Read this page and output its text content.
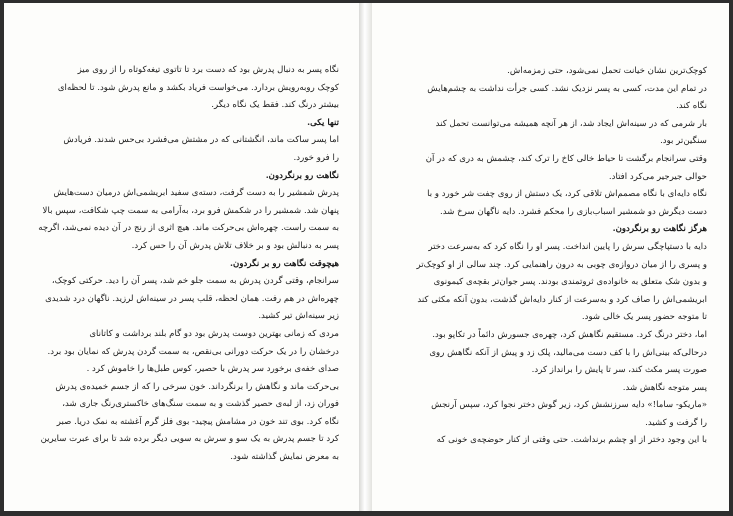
نگاه پسر به دنبال پدرش بود که دست برد تا تاتوی تیغه‌کوتاه را از روی میز
کوچک روبه‌رویش بردارد. می‌خواست فریاد بکشد و مانع پدرش شود. تا لحظه‌ای
بیشتر درنگ کند. فقط یک نگاه دیگر.
تنها یکی.
اما پسر ساکت ماند، انگشتانی که در مشتش می‌فشرد بی‌حس شدند. فریادش
را فرو خورد.
نگاهت رو برنگردون.
پدرش شمشیر را به دست گرفت، دسته‌ی سفید ابریشمی‌اش درمیان دست‌هایش
پنهان شد. شمشیر را در شکمش فرو برد، به‌آرامی به سمت چپ شکافت، سپس بالا
به سمت راست. چهره‌اش بی‌حرکت ماند. هیچ اثری از رنج در آن دیده نمی‌شد، اگرچه
پسر به دنبالش بود و بر خلاف تلاش پدرش آن را حس کرد.
هیچوقت نگاهت رو بر نگردون.
سرانجام، وقتی گردن پدرش به سمت جلو خم شد، پسر آن را دید. حرکتی کوچک،
چهره‌اش در هم رفت. همان لحظه، قلب پسر در سینه‌اش لرزید. ناگهان درد شدیدی
زیر سینه‌اش تیر کشید.
مردی که زمانی بهترین دوست پدرش بود دو گام بلند برداشت و کاتانای
درخشان را در یک حرکت دورانی بی‌نقص، به سمت گردن پدرش که نمایان بود برد.
صدای خفه‌ی برخورد سر پدرش با حصیر، کوس طبل‌ها را خاموش کرد .
بی‌حرکت ماند و نگاهش را برنگرداند. خون سرخی را که از جسم خمیده‌ی پدرش
فوران زد، از لبه‌ی حصیر گذشت و به سمت سنگ‌های خاکستری‌رنگ جاری شد،
نگاه کرد. بوی تند خون در مشامش پیچید- بوی فلز گرم آغشته به نمک دریا. صبر
کرد تا جسم پدرش به یک سو و سرش به سویی دیگر برده شد تا برای عبرت سایرین
به معرض نمایش گذاشته شود.
کوچک‌ترین نشان خیانت تحمل نمی‌شود، حتی زمزمه‌اش.
در تمام این مدت، کسی به پسر نزدیک نشد. کسی جرأت نداشت به چشم‌هایش
نگاه کند.
بار شرمی که در سینه‌اش ایجاد شد، از هر آنچه همیشه می‌توانست تحمل کند
سنگین‌تر بود.
وقتی سرانجام برگشت تا حیاط خالی کاخ را ترک کند، چشمش به دری که در آن
حوالی جیرجیر می‌کرد افتاد.
نگاه دایه‌ای با نگاه مصمم‌اش تلاقی کرد، یک دستش از روی چفت شر خورد و با
دست دیگرش دو شمشیر اسباب‌بازی را محکم فشرد. دایه ناگهان سرخ شد.
هرگز نگاهت رو برنگردون.
دایه با دستپاچگی سرش را پایین انداخت. پسر او را نگاه کرد که به‌سرعت دختر
و پسری را از میان دروازه‌ی چوبی به درون راهنمایی کرد. چند سالی از او کوچک‌تر
و بدون شک متعلق به خانواده‌ی ثروتمندی بودند. پسر جوان‌تر بقچه‌ی کیمونوی
ابریشمی‌اش را صاف کرد و به‌سرعت از کنار دایه‌اش گذشت، بدون آنکه مکثی کند
تا متوجه حضور پسر یک خالی شود.
اما، دختر درنگ کرد. مستقیم نگاهش کرد، چهره‌ی جسورش دائماً در تکاپو بود.
درحالی‌که بینی‌اش را با کف دست می‌مالید، پلک زد و پیش از آنکه نگاهش روی
صورت پسر مکث کند، سر تا پایش را برانداز کرد.
پسر متوجه نگاهش شد.
«ماریکو- ساما!» دایه سرزنشش کرد، زیر گوش دختر نجوا کرد، سپس آرنجش
را گرفت و کشید.
با این وجود دختر از او چشم برنداشت. حتی وقتی از کنار حوضچه‌ی خونی که
